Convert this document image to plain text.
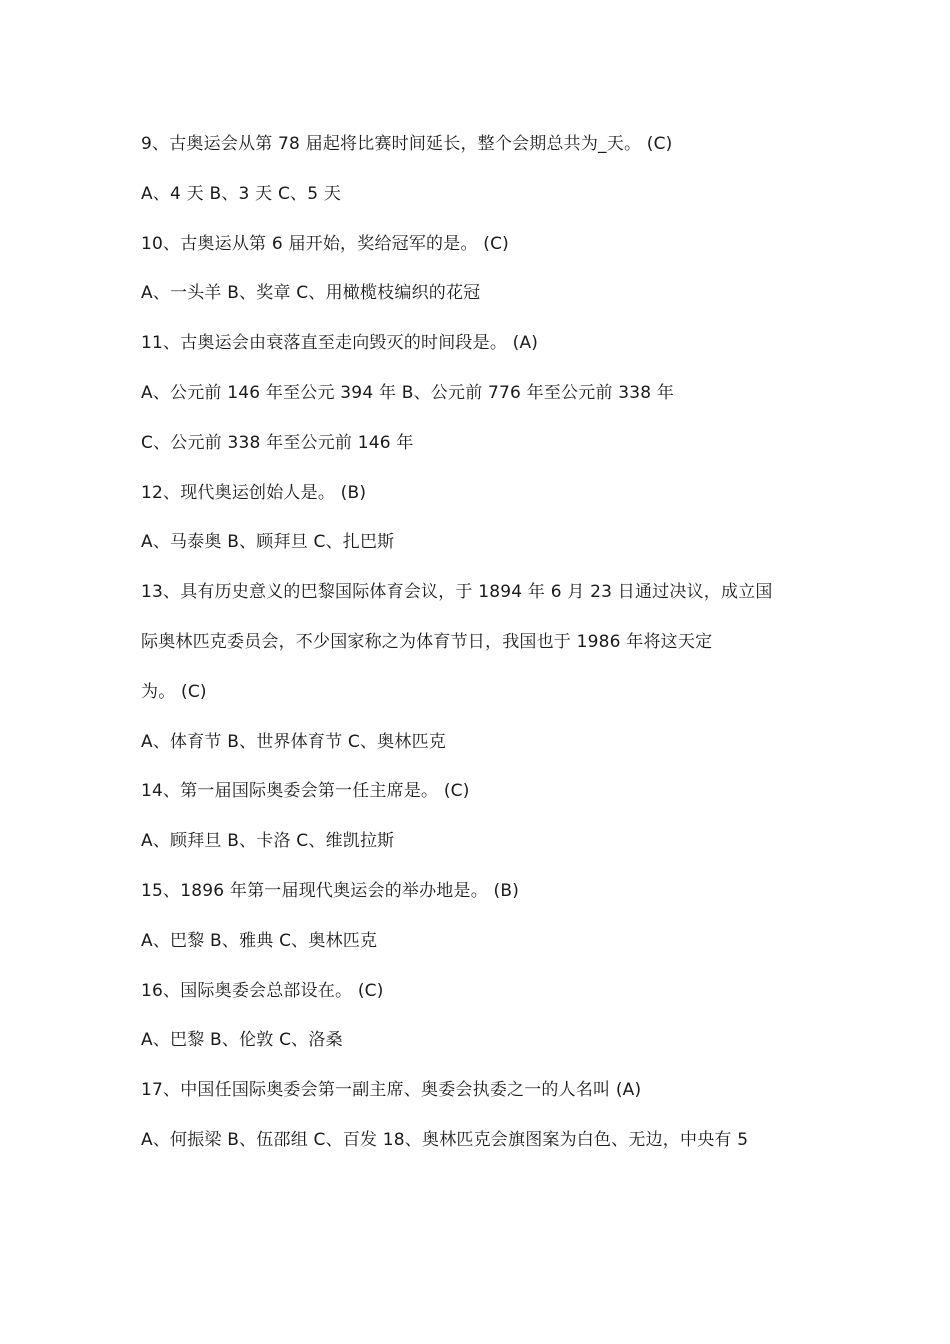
9、古奥运会从第 78 届起将比赛时间延长，整个会期总共为_天。 (C)
A、4 天 B、3 天 C、5 天
10、古奥运从第 6 届开始，奖给冠军的是。 (C)
A、一头羊 B、奖章 C、用橄榄枝编织的花冠
11、古奥运会由衰落直至走向毁灭的时间段是。 (A)
A、公元前 146 年至公元 394 年 B、公元前 776 年至公元前 338 年
C、公元前 338 年至公元前 146 年
12、现代奥运创始人是。 (B)
A、马泰奥 B、顾拜旦 C、扎巴斯
13、具有历史意义的巴黎国际体育会议，于 1894 年 6 月 23 日通过决议，成立国
际奥林匹克委员会，不少国家称之为体育节日，我国也于 1986 年将这天定
为。 (C)
A、体育节 B、世界体育节 C、奥林匹克
14、第一届国际奥委会第一任主席是。 (C)
A、顾拜旦 B、卡洛 C、维凯拉斯
15、1896 年第一届现代奥运会的举办地是。 (B)
A、巴黎 B、雅典 C、奥林匹克
16、国际奥委会总部设在。 (C)
A、巴黎 B、伦敦 C、洛桑
17、中国任国际奥委会第一副主席、奥委会执委之一的人名叫 (A)
A、何振梁 B、伍邵组 C、百发 18、奥林匹克会旗图案为白色、无边，中央有 5
